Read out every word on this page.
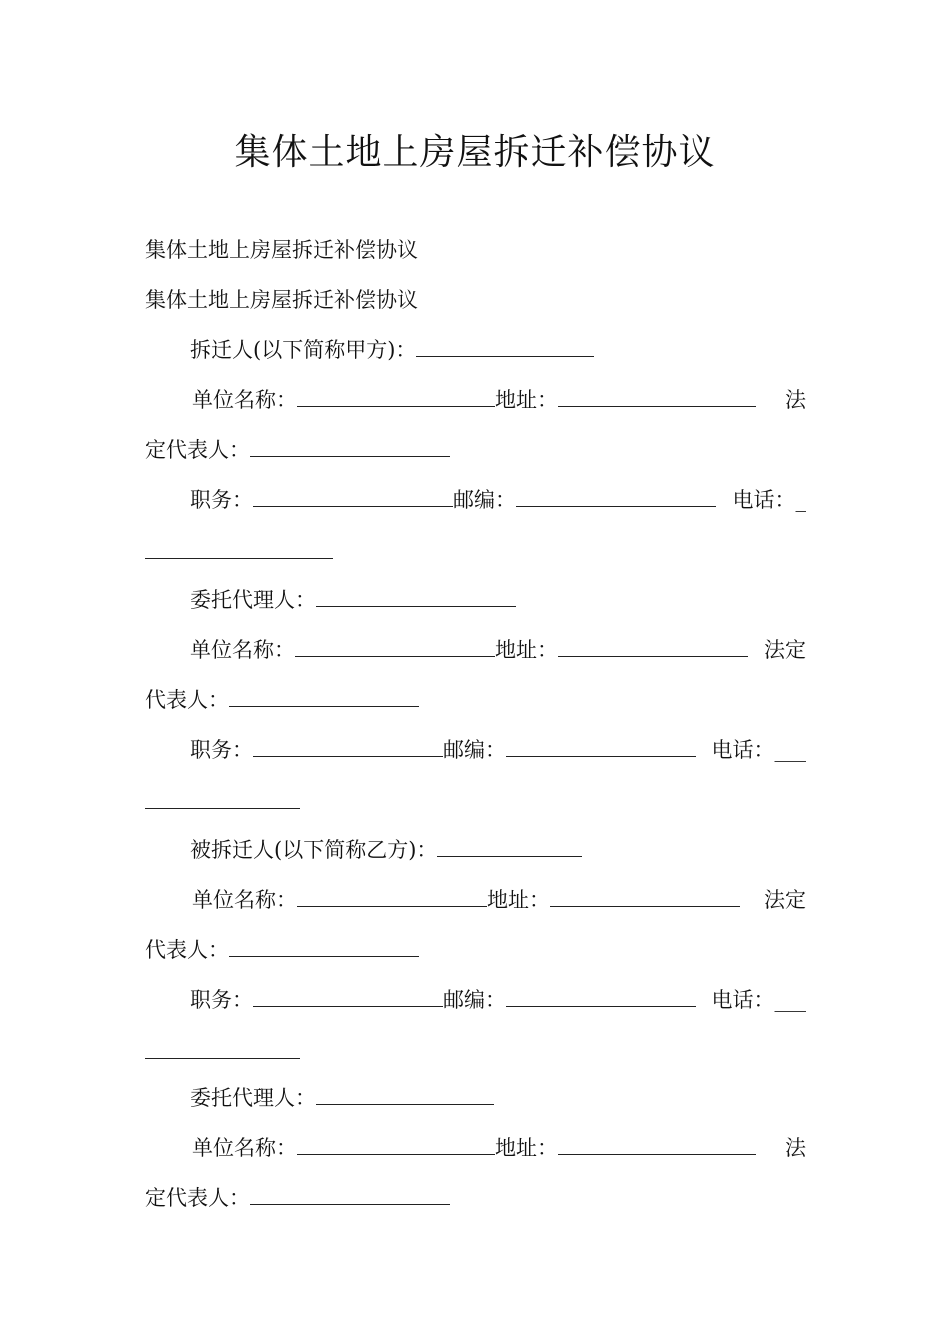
集体土地上房屋拆迁补偿协议
集体土地上房屋拆迁补偿协议
集体土地上房屋拆迁补偿协议
拆迁人(以下简称甲方)：
单位名称：	地址：	法
定代表人：
职务：	邮编：	电话：_
委托代理人：
单位名称：	地址：	法定
代表人：
职务：	邮编：	电话：___
被拆迁人(以下简称乙方)：
单位名称：	地址：	法定
代表人：
职务：	邮编：	电话：___
委托代理人：
单位名称：	地址：	法
定代表人：
